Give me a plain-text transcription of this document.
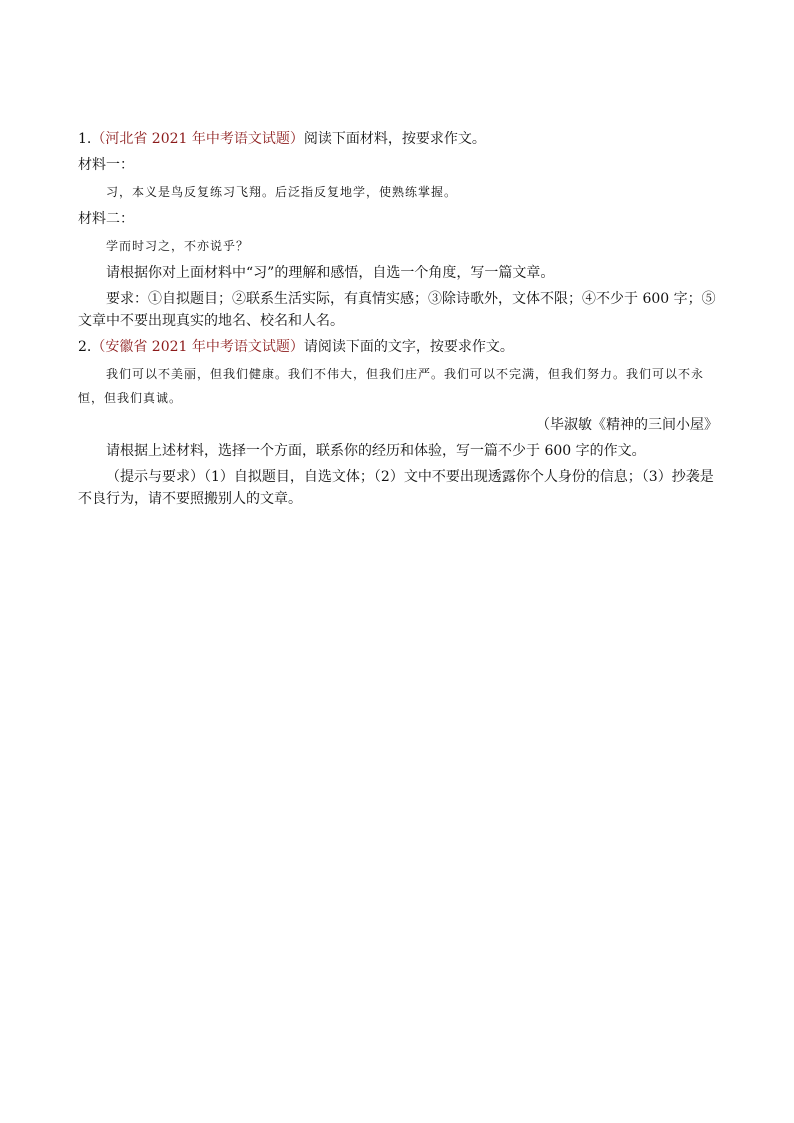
1.（河北省 2021 年中考语文试题）阅读下面材料，按要求作文。
材料一：
习，本义是鸟反复练习飞翔。后泛指反复地学，使熟练掌握。
材料二：
学而时习之，不亦说乎？
请根据你对上面材料中“习”的理解和感悟，自选一个角度，写一篇文章。
要求：①自拟题目；②联系生活实际，有真情实感；③除诗歌外，文体不限；④不少于 600 字；⑤文章中不要出现真实的地名、校名和人名。
2.（安徽省 2021 年中考语文试题）请阅读下面的文字，按要求作文。
我们可以不美丽，但我们健康。我们不伟大，但我们庄严。我们可以不完满，但我们努力。我们可以不永恒，但我们真诚。
（毕淑敏《精神的三间小屋》
请根据上述材料，选择一个方面，联系你的经历和体验，写一篇不少于 600 字的作文。
（提示与要求）（1）自拟题目，自选文体；（2）文中不要出现透露你个人身份的信息；（3）抄袭是不良行为，请不要照搬别人的文章。
